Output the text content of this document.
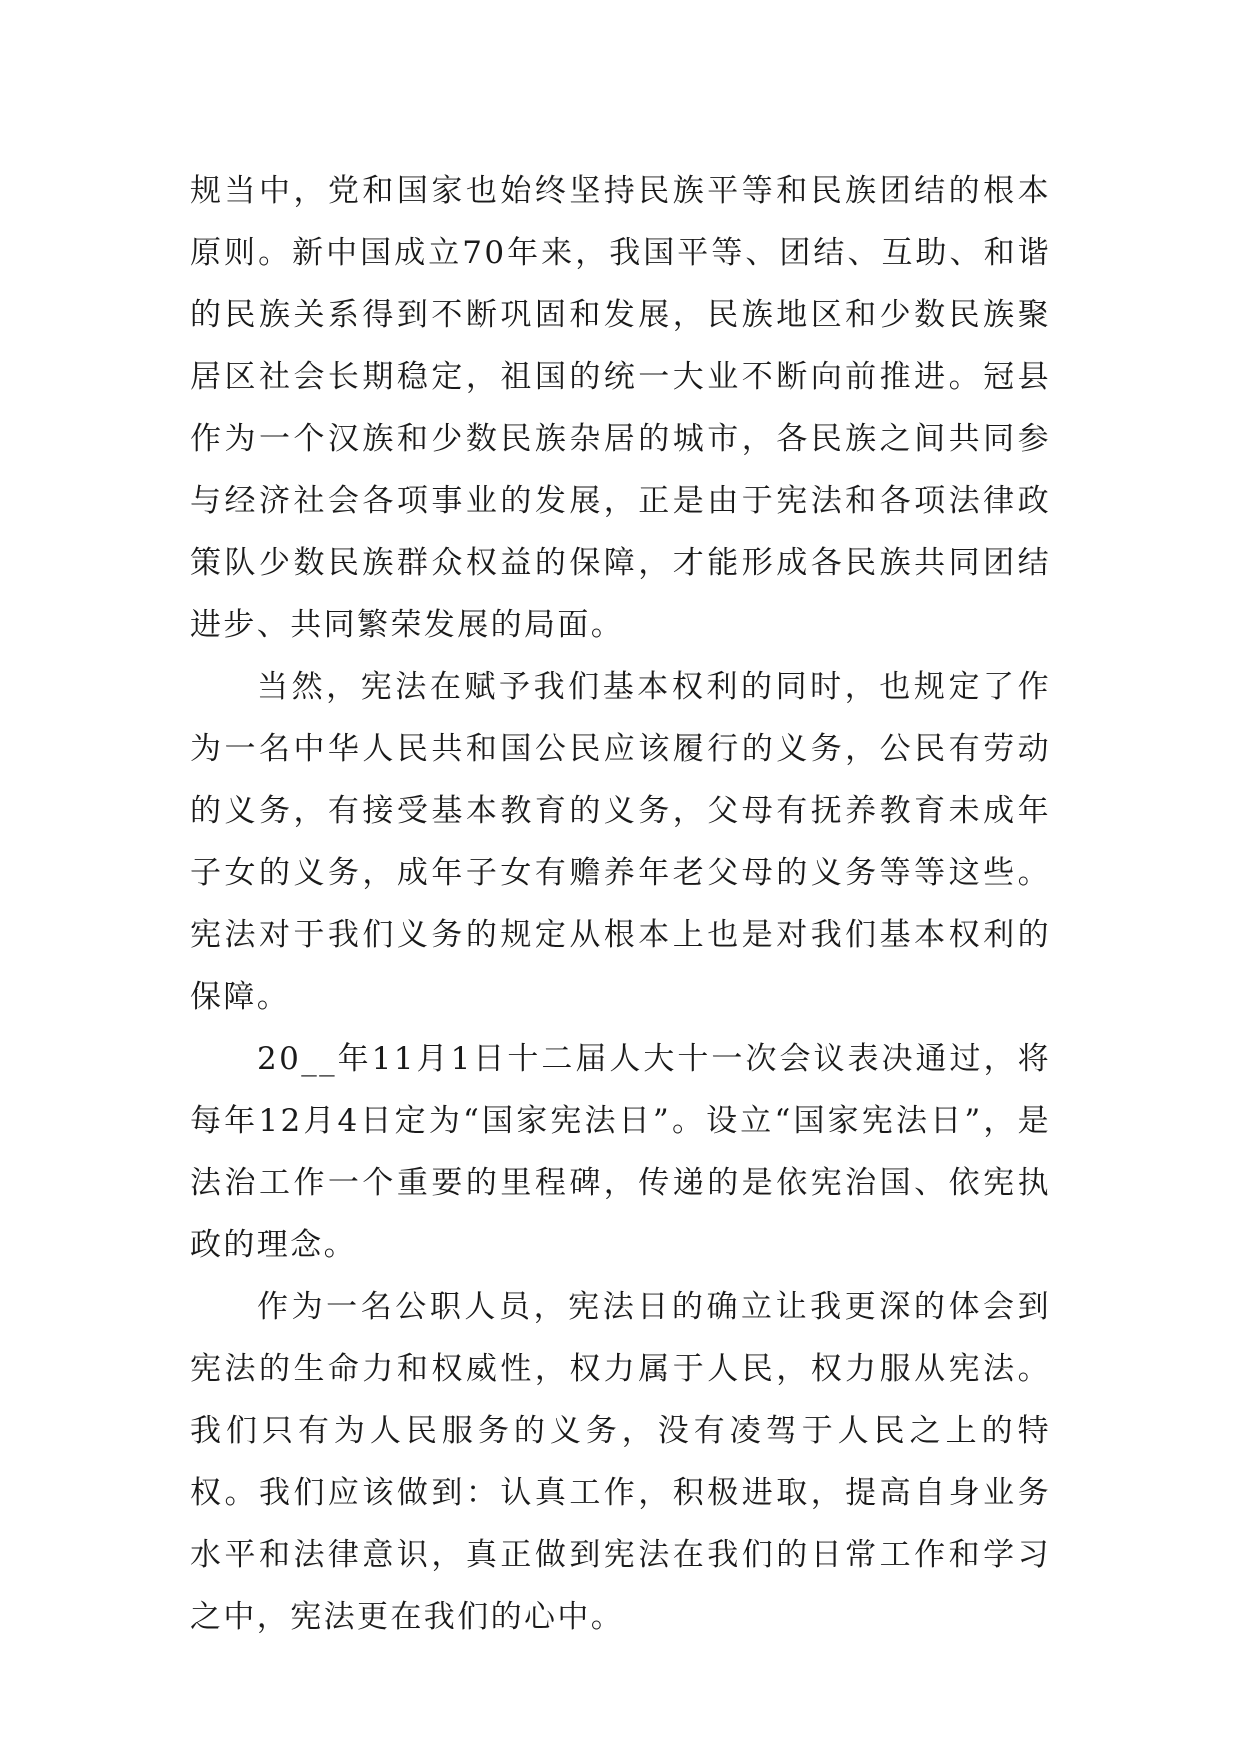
规当中，党和国家也始终坚持民族平等和民族团结的根本原则。新中国成立70年来，我国平等、团结、互助、和谐的民族关系得到不断巩固和发展，民族地区和少数民族聚居区社会长期稳定，祖国的统一大业不断向前推进。冠县作为一个汉族和少数民族杂居的城市，各民族之间共同参与经济社会各项事业的发展，正是由于宪法和各项法律政策队少数民族群众权益的保障，才能形成各民族共同团结进步、共同繁荣发展的局面。

当然，宪法在赋予我们基本权利的同时，也规定了作为一名中华人民共和国公民应该履行的义务，公民有劳动的义务，有接受基本教育的义务，父母有抚养教育未成年子女的义务，成年子女有赡养年老父母的义务等等这些。宪法对于我们义务的规定从根本上也是对我们基本权利的保障。

20__年11月1日十二届人大十一次会议表决通过，将每年12月4日定为“国家宪法日”。设立“国家宪法日”，是法治工作一个重要的里程碑，传递的是依宪治国、依宪执政的理念。

作为一名公职人员，宪法日的确立让我更深的体会到宪法的生命力和权威性，权力属于人民，权力服从宪法。我们只有为人民服务的义务，没有凌驾于人民之上的特权。我们应该做到：认真工作，积极进取，提高自身业务水平和法律意识，真正做到宪法在我们的日常工作和学习之中，宪法更在我们的心中。
